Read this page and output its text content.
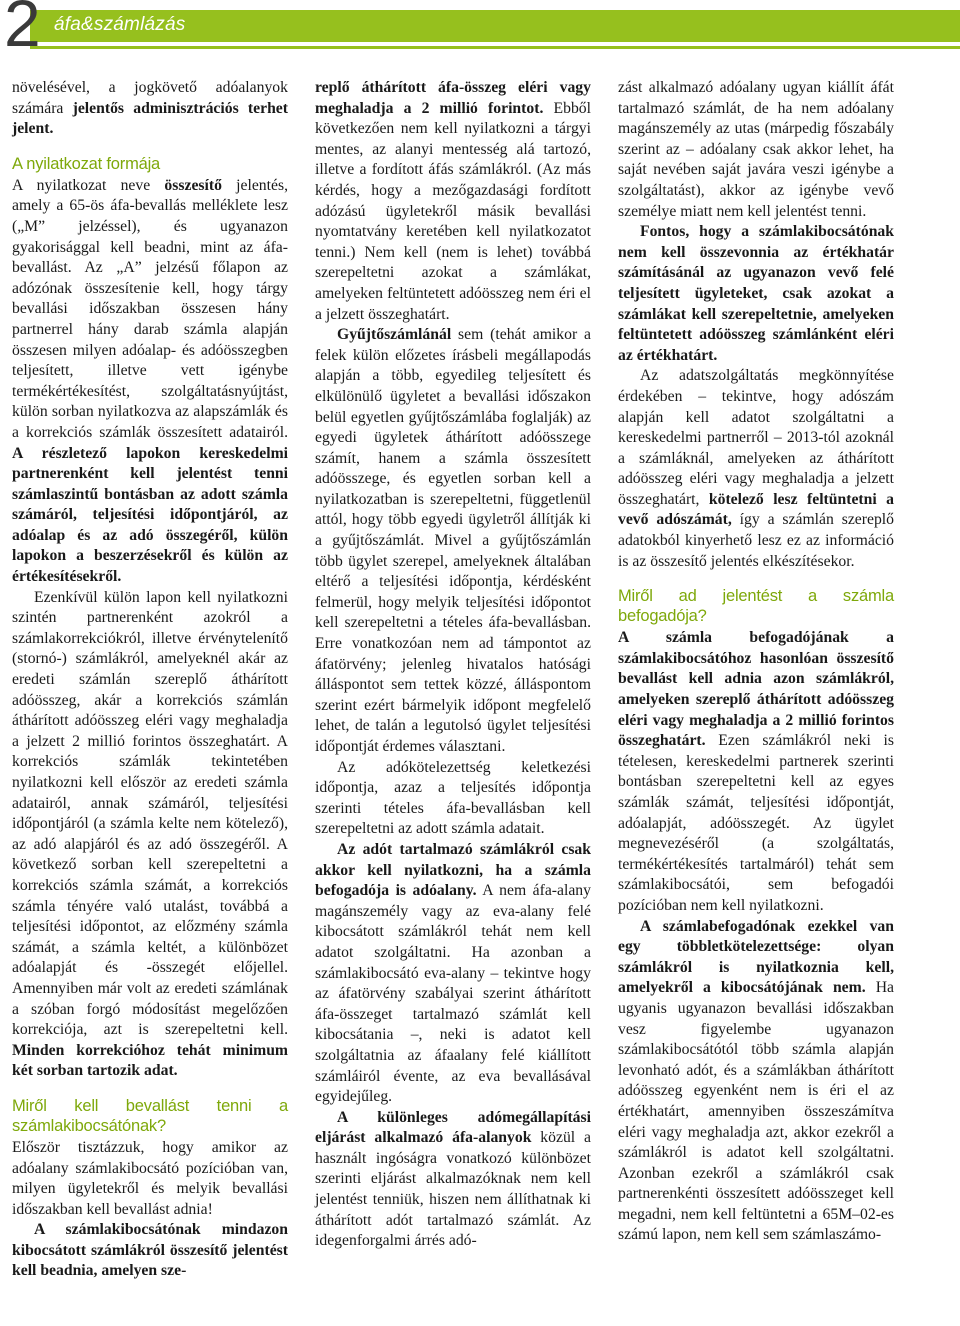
2 áfa&számlázás

növelésével, a jogkövető adóalanyok számára jelentős adminisztrációs terhet jelent.

A nyilatkozat formája

A nyilatkozat neve összesítő jelentés, amely a 65-ös áfa-bevallás melléklete lesz („M” jelzéssel), és ugyanazon gyakorisággal kell beadni, mint az áfa-bevallást. Az „A” jelzésű főlapon az adózónak összesítenie kell, hogy tárgy bevallási időszakban összesen hány partnerrel hány darab számla alapján összesen milyen adóalap- és adóösszegben teljesített, illetve vett igénybe termékértékesítést, szolgáltatásnyújtást, külön sorban nyilatkozva az alapszámlák és a korrekciós számlák összesített adatairól. A részletező lapokon kereskedelmi partnerenként kell jelentést tenni számlaszintű bontásban az adott számla számáról, teljesítési időpontjáról, az adóalap és az adó összegéről, külön lapokon a beszerzésekről és külön az értékesítésekről.

Ezenkívül külön lapon kell nyilatkozni szintén partnerenként azokról a számlakorrekciókról, illetve érvénytelenítő (stornó-) számlákról, amelyeknél akár az eredeti számlán szereplő áthárított adóösszeg, akár a korrekciós számlán áthárított adóösszeg eléri vagy meghaladja a jelzett 2 millió forintos összeghatárt. A korrekciós számlák tekintetében nyilatkozni kell először az eredeti számla adatairól, annak számáról, teljesítési időpontjáról (a számla kelte nem kötelező), az adó alapjáról és az adó összegéről. A következő sorban kell szerepeltetni a korrekciós számla számát, a korrekciós számla tényére való utalást, továbbá a teljesítési időpontot, az előzmény számla számát, a számla keltét, a különbözet adóalapját és -összegét előjellel. Amennyiben már volt az eredeti számlának a szóban forgó módosítást megelőzően korrekciója, azt is szerepeltetni kell. Minden korrekcióhoz tehát minimum két sorban tartozik adat.

Miről kell bevallást tenni a számlakibocsátónak?

Először tisztázzuk, hogy amikor az adóalany számlakibocsátó pozícióban van, milyen ügyletekről és melyik bevallási időszakban kell bevallást adnia!

A számlakibocsátónak mindazon kibocsátott számlákról összesítő jelentést kell beadnia, amelyen sze-

replő áthárított áfa-összeg eléri vagy meghaladja a 2 millió forintot. Ebből következően nem kell nyilatkozni a tárgyi mentes, az alanyi mentesség alá tartozó, illetve a fordított áfás számlákról. (Az más kérdés, hogy a mezőgazdasági fordított adózású ügyletekről másik bevallási nyomtatvány keretében kell nyilatkozatot tenni.) Nem kell (nem is lehet) továbbá szerepeltetni azokat a számlákat, amelyeken feltüntetett adóösszeg nem éri el a jelzett összeghatárt.

Gyűjtőszámlánál sem (tehát amikor a felek külön előzetes írásbeli megállapodás alapján a több, egyedileg teljesített és elkülönülő ügyletet a bevallási időszakon belül egyetlen gyűjtőszámlába foglalják) az egyedi ügyletek áthárított adóösszege számít, hanem a számla összesített adóösszege, és egyetlen sorban kell a nyilatkozatban is szerepeltetni, függetlenül attól, hogy több egyedi ügyletről állítják ki a gyűjtőszámlát. Mivel a gyűjtőszámlán több ügylet szerepel, amelyeknek általában eltérő a teljesítési időpontja, kérdésként felmerül, hogy melyik teljesítési időpontot kell szerepeltetni a tételes áfa-bevallásban. Erre vonatkozóan nem ad támpontot az áfatörvény; jelenleg hivatalos hatósági álláspontot sem tettek közzé, álláspontom szerint ezért bármelyik időpont megfelelő lehet, de talán a legutolsó ügylet teljesítési időpontját érdemes választani.

Az adókötelezettség keletkezési időpontja, azaz a teljesítés időpontja szerinti tételes áfa-bevallásban kell szerepeltetni az adott számla adatait.

Az adót tartalmazó számlákról csak akkor kell nyilatkozni, ha a számla befogadója is adóalany. A nem áfa-alany magánszemély vagy az eva-alany felé kibocsátott számlákról tehát nem kell adatot szolgáltatni. Ha azonban a számlakibocsátó eva-alany – tekintve hogy az áfatörvény szabályai szerint áthárított áfa-összeget tartalmazó számlát kell kibocsátania –, neki is adatot kell szolgáltatnia az áfaalany felé kiállított számláiról évente, az eva bevallásával egyidejűleg.

A különleges adómegállapítási eljárást alkalmazó áfa-alanyok közül a használt ingóságra vonatkozó különbözet szerinti eljárást alkalmazóknak nem kell jelentést tenniük, hiszen nem állíthatnak ki áthárított adót tartalmazó számlát. Az idegenforgalmi árrés adó-

zást alkalmazó adóalany ugyan kiállít áfát tartalmazó számlát, de ha nem adóalany magánszemély az utas (márpedig főszabály szerint az – adóalany csak akkor lehet, ha saját nevében saját javára veszi igénybe a szolgáltatást), akkor az igénybe vevő személye miatt nem kell jelentést tenni.

Fontos, hogy a számlakibocsátónak nem kell összevonnia az értékhatár számításánál az ugyanazon vevő felé teljesített ügyleteket, csak azokat a számlákat kell szerepeltetnie, amelyeken feltüntetett adóösszeg számlánként eléri az értékhatárt.

Az adatszolgáltatás megkönnyítése érdekében – tekintve, hogy adószám alapján kell adatot szolgáltatni a kereskedelmi partnerről – 2013-tól azoknál a számláknál, amelyeken az áthárított adóösszeg eléri vagy meghaladja a jelzett összeghatárt, kötelező lesz feltüntetni a vevő adószámát, így a számlán szereplő adatokból kinyerhető lesz ez az információ is az összesítő jelentés elkészítésekor.

Miről ad jelentést a számla befogadója?

A számla befogadójának a számlakibocsátóhoz hasonlóan összesítő bevallást kell adnia azon számlákról, amelyeken szereplő áthárított adóösszeg eléri vagy meghaladja a 2 millió forintos összeghatárt. Ezen számlákról neki is tételesen, kereskedelmi partnerek szerinti bontásban szerepeltetni kell az egyes számlák számát, teljesítési időpontját, adóalapját, adóösszegét. Az ügylet megnevezéséről (a szolgáltatás, termékértékesítés tartalmáról) tehát sem számlakibocsátói, sem befogadói pozícióban nem kell nyilatkozni.

A számlabefogadónak ezekkel van egy többletkötelezettsége: olyan számlákról is nyilatkoznia kell, amelyekről a kibocsátójának nem. Ha ugyanis ugyanazon bevallási időszakban vesz figyelembe ugyanazon számlakibocsátótól több számla alapján levonható adót, és a számlákban áthárított adóösszeg egyenként nem is éri el az értékhatárt, amennyiben összeszámítva eléri vagy meghaladja azt, akkor ezekről a számlákról is adatot kell szolgáltatni. Azonban ezekről a számlákról csak partnerenkénti összesített adóösszeget kell megadni, nem kell feltüntetni a 65M–02-es számú lapon, nem kell sem számlaszámo-
